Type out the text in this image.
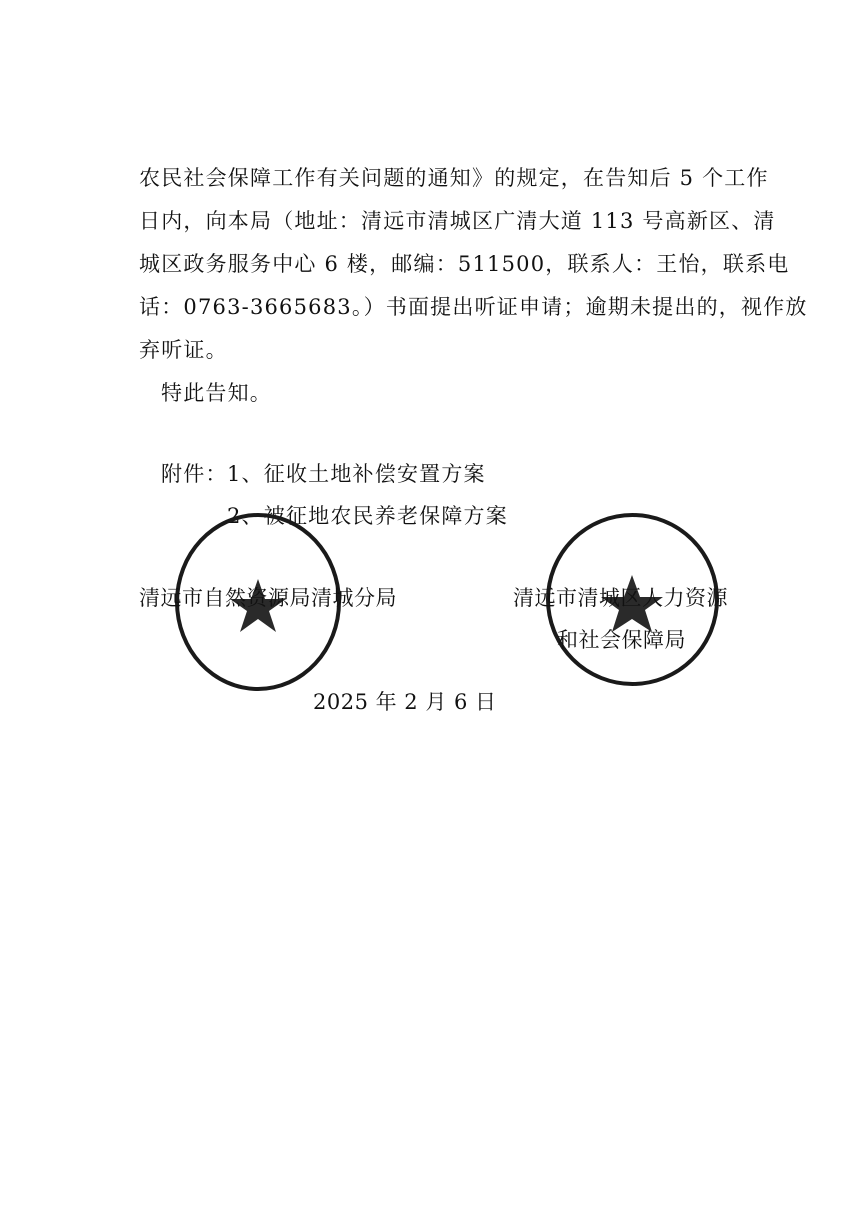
农民社会保障工作有关问题的通知》的规定，在告知后 5 个工作
日内，向本局（地址：清远市清城区广清大道 113 号高新区、清
城区政务服务中心 6 楼，邮编：511500，联系人：王怡，联系电
话：0763-3665683。）书面提出听证申请；逾期未提出的，视作放
弃听证。
特此告知。
附件： 1、征收土地补偿安置方案
2、被征地农民养老保障方案
清远市自然资源局清城分局	清远市清城区人力资源
和社会保障局
2025 年 2 月 6 日
